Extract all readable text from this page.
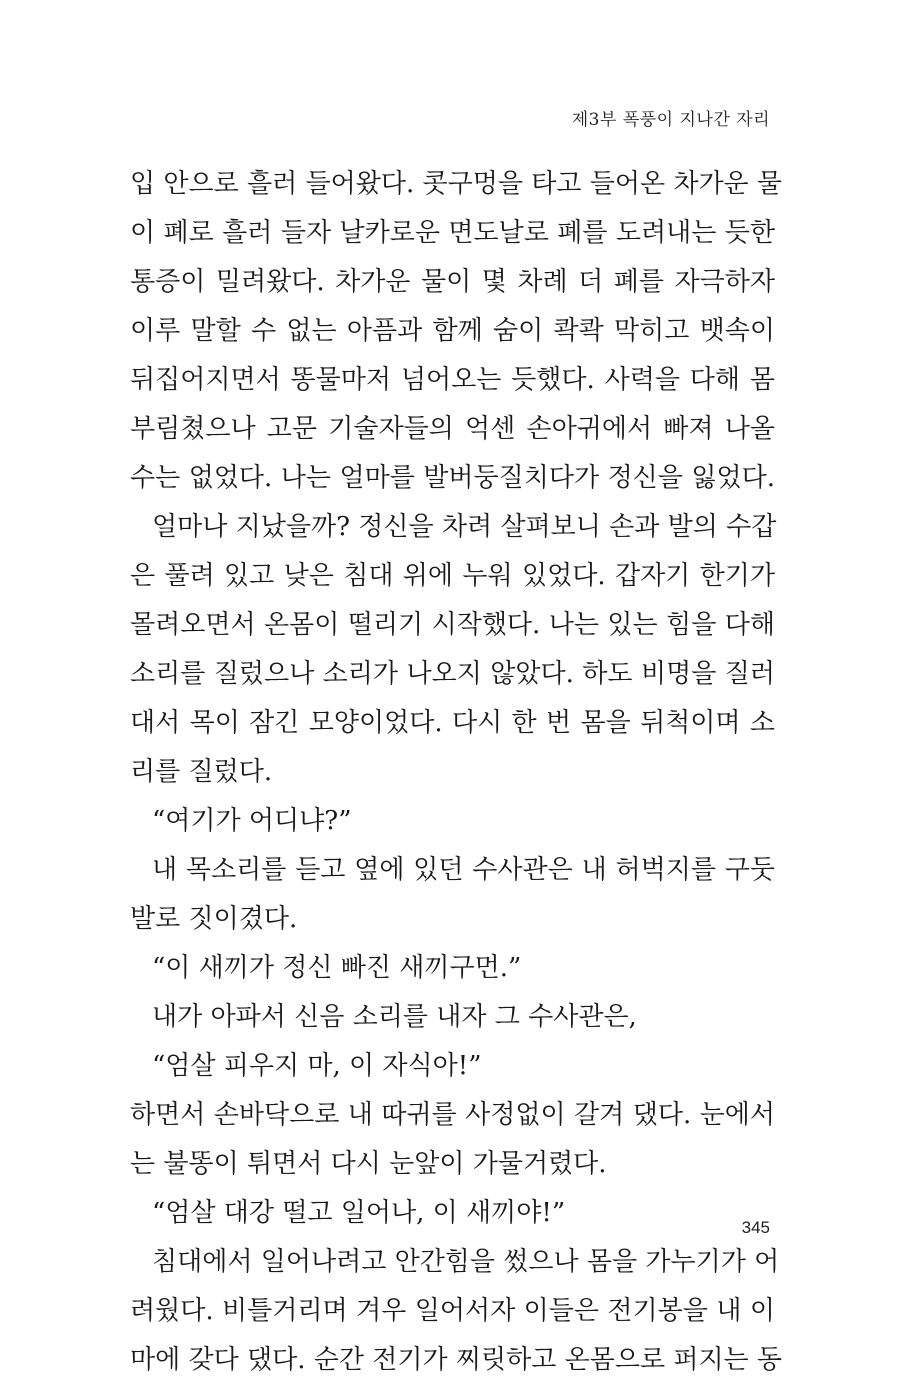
제3부 폭풍이 지나간 자리
입 안으로 흘러 들어왔다. 콧구멍을 타고 들어온 차가운 물
이 폐로 흘러 들자 날카로운 면도날로 폐를 도려내는 듯한
통증이 밀려왔다. 차가운 물이 몇 차례 더 폐를 자극하자
이루 말할 수 없는 아픔과 함께 숨이 콱콱 막히고 뱃속이
뒤집어지면서 똥물마저 넘어오는 듯했다. 사력을 다해 몸
부림쳤으나 고문 기술자들의 억센 손아귀에서 빠져 나올
수는 없었다. 나는 얼마를 발버둥질치다가 정신을 잃었다.
얼마나 지났을까? 정신을 차려 살펴보니 손과 발의 수갑
은 풀려 있고 낮은 침대 위에 누워 있었다. 갑자기 한기가
몰려오면서 온몸이 떨리기 시작했다. 나는 있는 힘을 다해
소리를 질렀으나 소리가 나오지 않았다. 하도 비명을 질러
대서 목이 잠긴 모양이었다. 다시 한 번 몸을 뒤척이며 소
리를 질렀다.
“여기가 어디냐?”
내 목소리를 듣고 옆에 있던 수사관은 내 허벅지를 구둣
발로 짓이겼다.
“이 새끼가 정신 빠진 새끼구먼.”
내가 아파서 신음 소리를 내자 그 수사관은,
“엄살 피우지 마, 이 자식아!”
하면서 손바닥으로 내 따귀를 사정없이 갈겨 댔다. 눈에서
는 불똥이 튀면서 다시 눈앞이 가물거렸다.
“엄살 대강 떨고 일어나, 이 새끼야!”
침대에서 일어나려고 안간힘을 썼으나 몸을 가누기가 어
려웠다. 비틀거리며 겨우 일어서자 이들은 전기봉을 내 이
마에 갖다 댔다. 순간 전기가 찌릿하고 온몸으로 퍼지는 동
345
